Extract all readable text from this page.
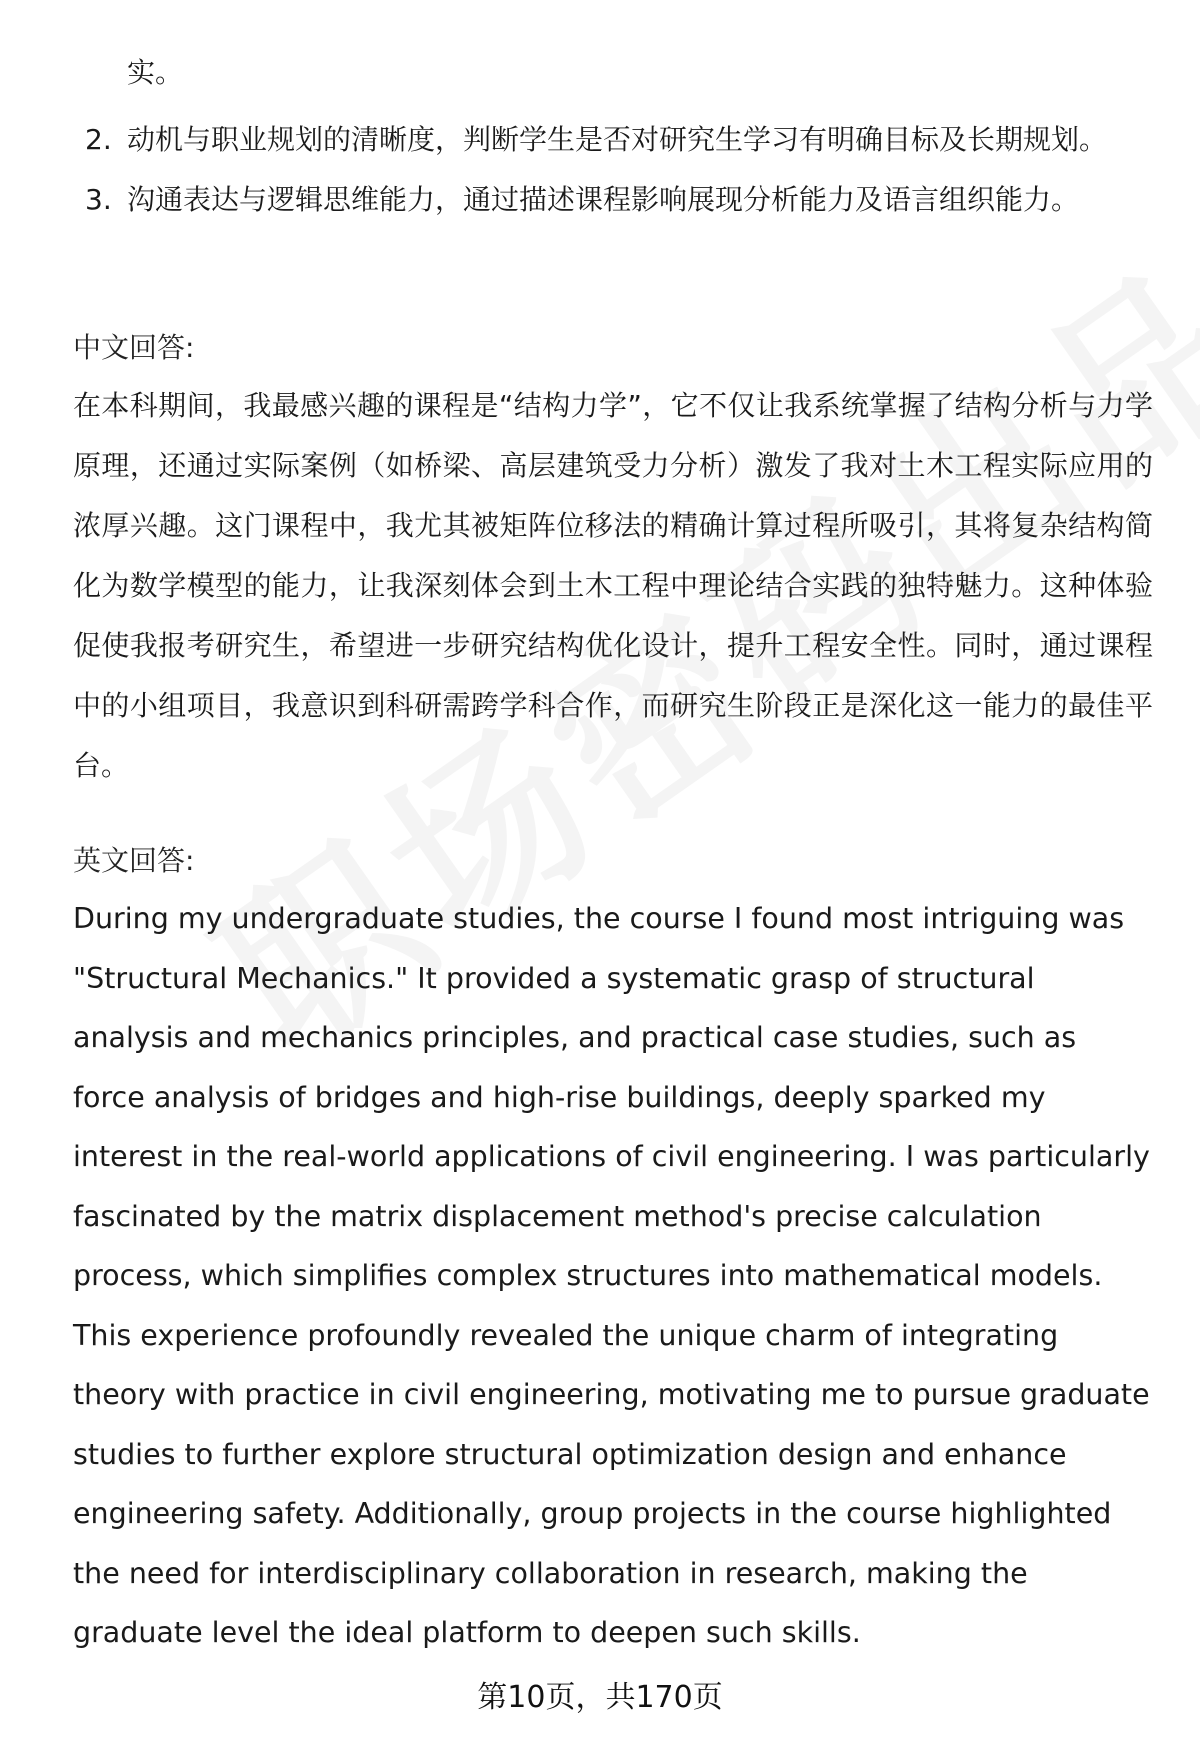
实。
2. 动机与职业规划的清晰度，判断学生是否对研究生学习有明确目标及长期规划。
3. 沟通表达与逻辑思维能力，通过描述课程影响展现分析能力及语言组织能力。
中文回答:

在本科期间，我最感兴趣的课程是“结构力学”，它不仅让我系统掌握了结构分析与力学原理，还通过实际案例（如桥梁、高层建筑受力分析）激发了我对土木工程实际应用的浓厚兴趣。这门课程中，我尤其被矩阵位移法的精确计算过程所吸引，其将复杂结构简化为数学模型的能力，让我深刻体会到土木工程中理论结合实践的独特魅力。这种体验促使我报考研究生，希望进一步研究结构优化设计，提升工程安全性。同时，通过课程中的小组项目，我意识到科研需跨学科合作，而研究生阶段正是深化这一能力的最佳平台。

英文回答:

During my undergraduate studies, the course I found most intriguing was "Structural Mechanics." It provided a systematic grasp of structural analysis and mechanics principles, and practical case studies, such as force analysis of bridges and high-rise buildings, deeply sparked my interest in the real-world applications of civil engineering. I was particularly fascinated by the matrix displacement method's precise calculation process, which simplifies complex structures into mathematical models. This experience profoundly revealed the unique charm of integrating theory with practice in civil engineering, motivating me to pursue graduate studies to further explore structural optimization design and enhance engineering safety. Additionally, group projects in the course highlighted the need for interdisciplinary collaboration in research, making the graduate level the ideal platform to deepen such skills.

第10页，共170页
